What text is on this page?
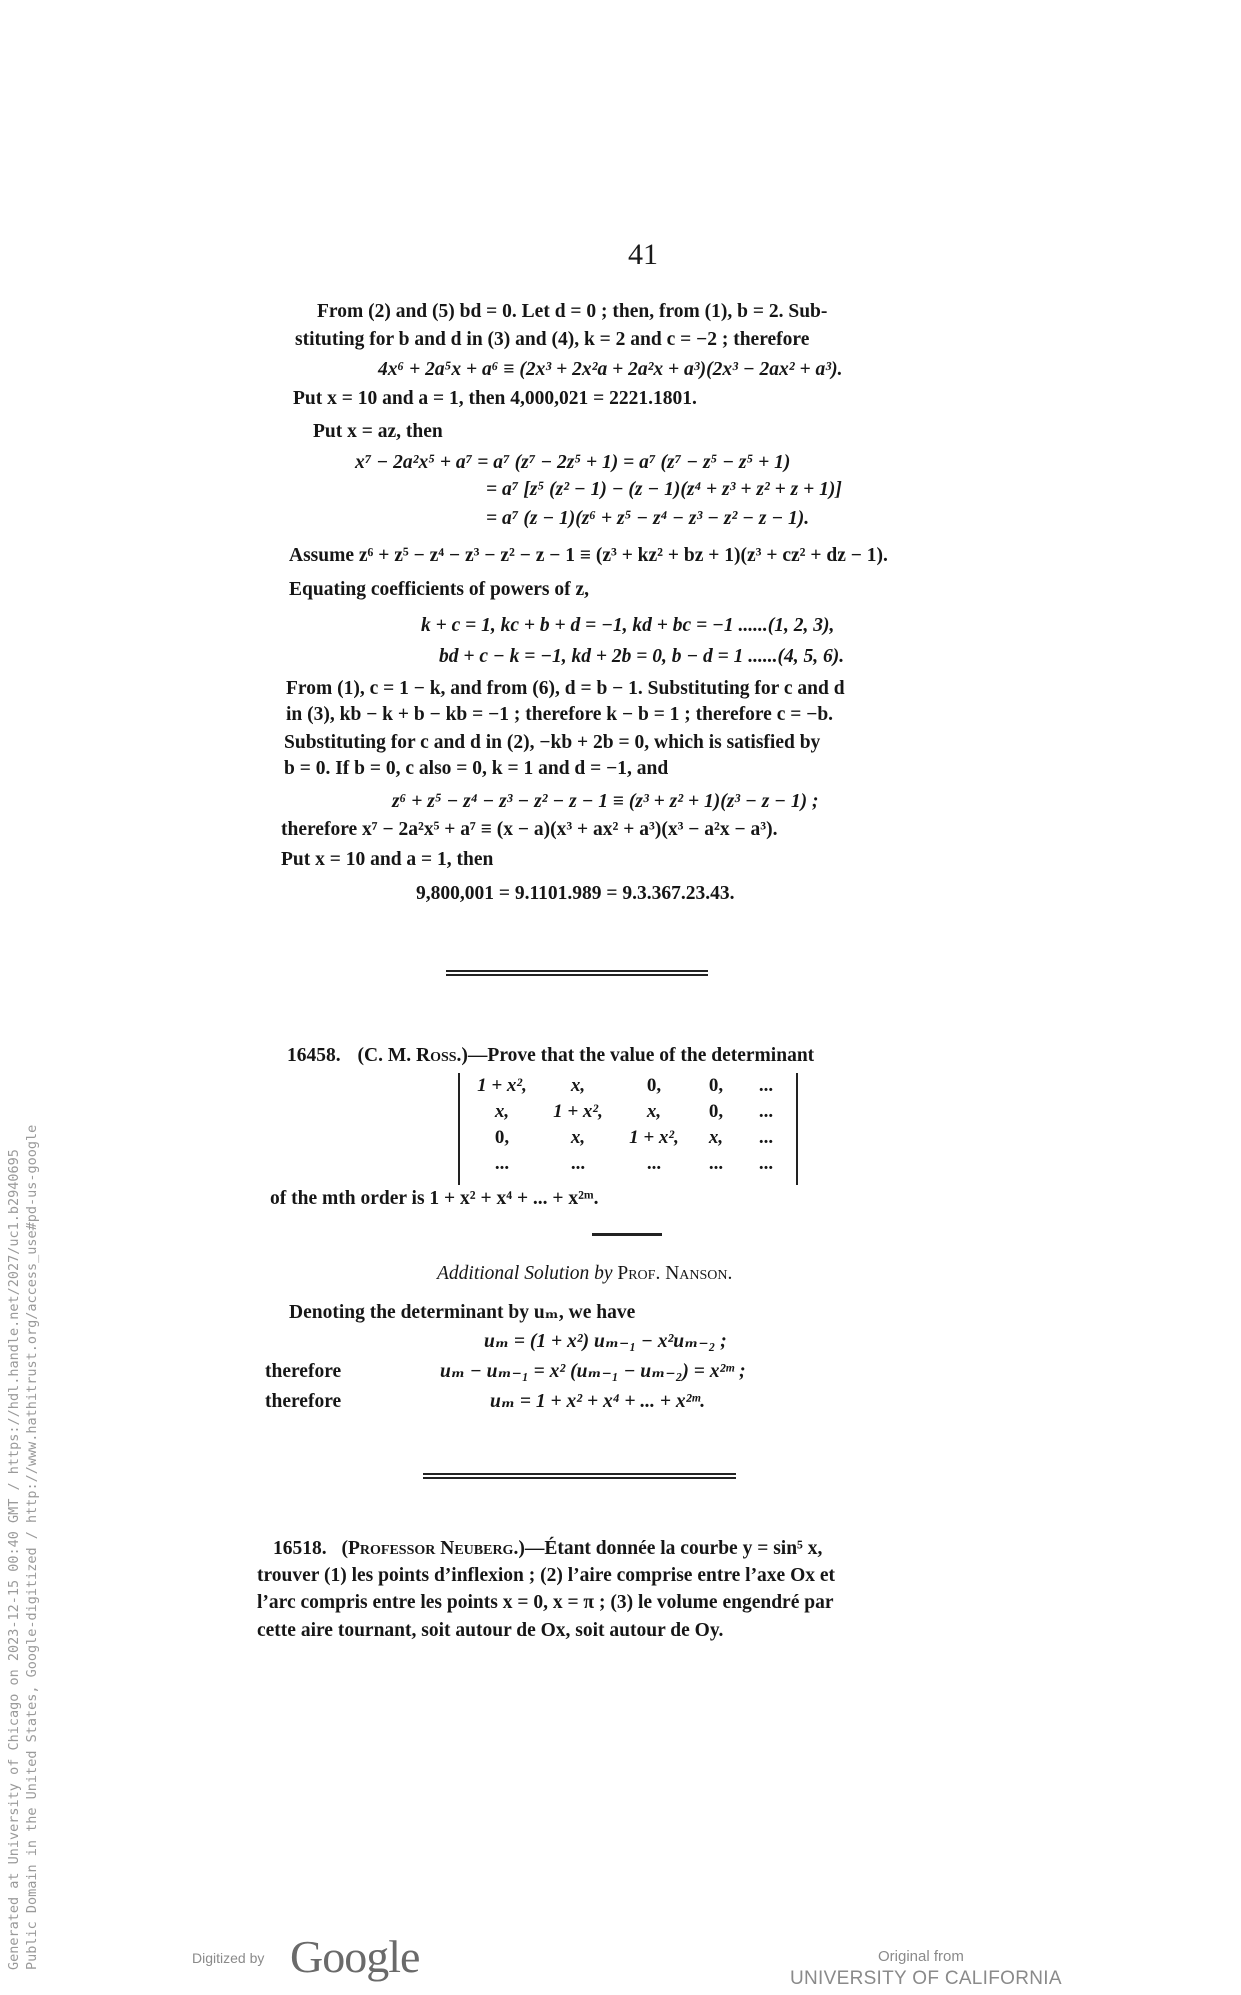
41
From (2) and (5) bd = 0. Let d = 0 ; then, from (1), b = 2. Sub-
stituting for b and d in (3) and (4), k = 2 and c = −2 ; therefore
4x⁶ + 2a⁵x + a⁶ ≡ (2x³ + 2x²a + 2a²x + a³)(2x³ − 2ax² + a³).
Put x = 10 and a = 1, then 4,000,021 = 2221.1801.
Put x = az, then
x⁷ − 2a²x⁵ + a⁷ = a⁷ (z⁷ − 2z⁵ + 1) = a⁷ (z⁷ − z⁵ − z⁵ + 1)
= a⁷ [z⁵ (z² − 1) − (z − 1)(z⁴ + z³ + z² + z + 1)]
= a⁷ (z − 1)(z⁶ + z⁵ − z⁴ − z³ − z² − z − 1).
Assume z⁶ + z⁵ − z⁴ − z³ − z² − z − 1 ≡ (z³ + kz² + bz + 1)(z³ + cz² + dz − 1).
Equating coefficients of powers of z,
k + c = 1, kc + b + d = −1, kd + bc = −1 ......(1, 2, 3),
bd + c − k = −1, kd + 2b = 0, b − d = 1 ......(4, 5, 6).
From (1), c = 1 − k, and from (6), d = b − 1. Substituting for c and d
in (3), kb − k + b − kb = −1 ; therefore k − b = 1 ; therefore c = −b.
Substituting for c and d in (2), −kb + 2b = 0, which is satisfied by
b = 0. If b = 0, c also = 0, k = 1 and d = −1, and
z⁶ + z⁵ − z⁴ − z³ − z² − z − 1 ≡ (z³ + z² + 1)(z³ − z − 1) ;
therefore x⁷ − 2a²x⁵ + a⁷ ≡ (x − a)(x³ + ax² + a³)(x³ − a²x − a³).
Put x = 10 and a = 1, then
9,800,001 = 9.1101.989 = 9.3.367.23.43.
16458. (C. M. Ross.)—Prove that the value of the determinant
1 + x²,	x,	0,	0,	...
x,	1 + x²,	x,	0,	...
0,	x,	1 + x²,	x,	...
...	...	...	...	...
of the mth order is 1 + x² + x⁴ + ... + x²ᵐ.
Additional Solution by Prof. Nanson.
Denoting the determinant by uₘ, we have
uₘ = (1 + x²) uₘ₋₁ − x²uₘ₋₂ ;
therefore	uₘ − uₘ₋₁ = x² (uₘ₋₁ − uₘ₋₂) = x²ᵐ ;
therefore	uₘ = 1 + x² + x⁴ + ... + x²ᵐ.
16518. (Professor Neuberg.)—Étant donnée la courbe y = sin⁵ x,
trouver (1) les points d’inflexion ; (2) l’aire comprise entre l’axe Ox et
l’arc compris entre les points x = 0, x = π ; (3) le volume engendré par
cette aire tournant, soit autour de Ox, soit autour de Oy.
Generated at University of Chicago on 2023-12-15 00:40 GMT / https://hdl.handle.net/2027/uc1.b2940695 Public Domain in the United States, Google-digitized / http://www.hathitrust.org/access_use#pd-us-google	Digitized by Google	Original from
UNIVERSITY OF CALIFORNIA
